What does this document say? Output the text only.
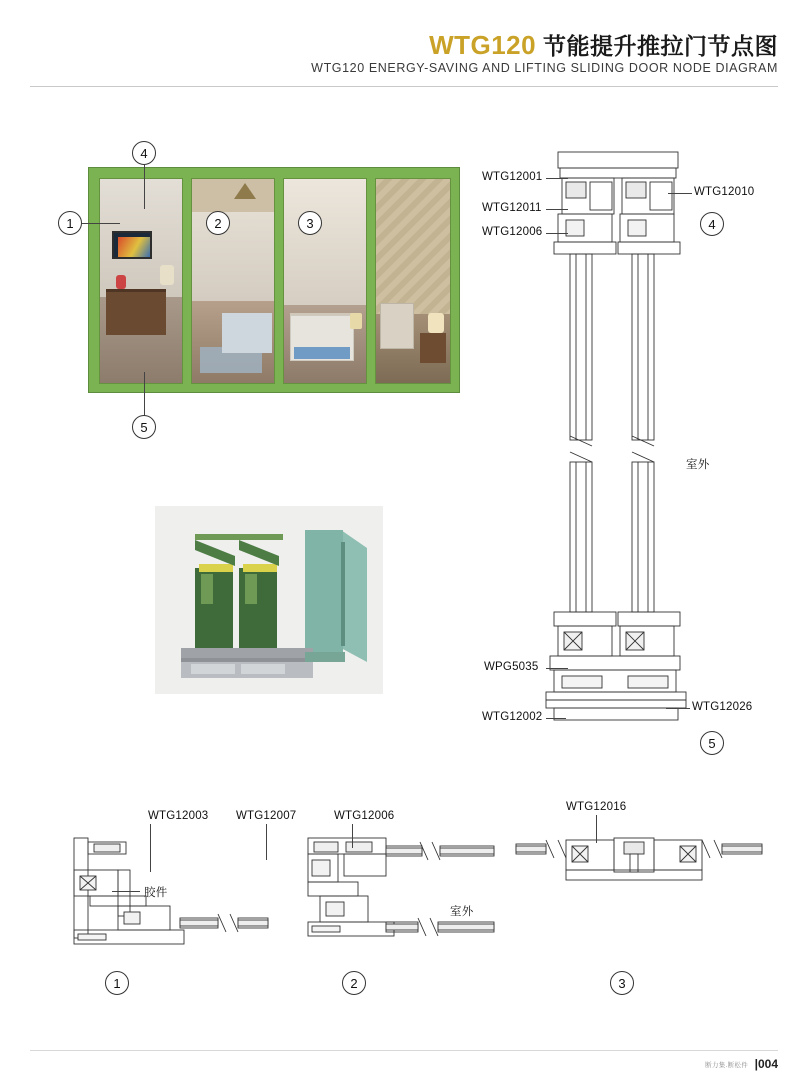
WTG120 节能提升推拉门节点图
WTG120 ENERGY-SAVING AND LIFTING SLIDING DOOR NODE DIAGRAM
4
1	2	3
5
WTG12001
WTG12011
WTG12006
WTG12010
4
室外
WPG5035
WTG12002
WTG12026
5
WTG12003
胶件
1
WTG12007	WTG12006
2
WTG12016
室外
3
断力集.断松件 |004
